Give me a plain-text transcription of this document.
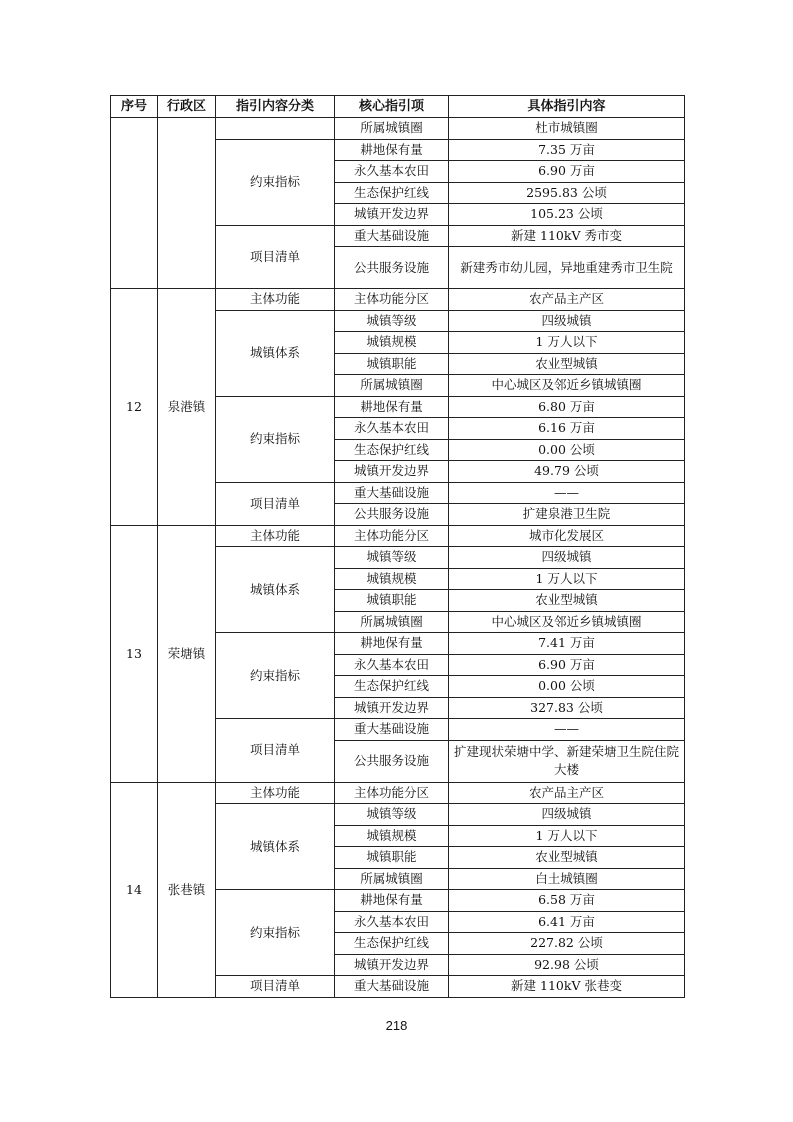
序号	行政区	指引内容分类	核心指引项	具体指引内容
			所属城镇圈	杜市城镇圈
		约束指标	耕地保有量	7.35 万亩
			永久基本农田	6.90 万亩
			生态保护红线	2595.83 公顷
			城镇开发边界	105.23 公顷
		项目清单	重大基础设施	新建 110kV 秀市变
			公共服务设施	新建秀市幼儿园，异地重建秀市卫生院
12	泉港镇	主体功能	主体功能分区	农产品主产区
		城镇体系	城镇等级	四级城镇
			城镇规模	1 万人以下
			城镇职能	农业型城镇
			所属城镇圈	中心城区及邻近乡镇城镇圈
		约束指标	耕地保有量	6.80 万亩
			永久基本农田	6.16 万亩
			生态保护红线	0.00 公顷
			城镇开发边界	49.79 公顷
		项目清单	重大基础设施	——
			公共服务设施	扩建泉港卫生院
13	荣塘镇	主体功能	主体功能分区	城市化发展区
		城镇体系	城镇等级	四级城镇
			城镇规模	1 万人以下
			城镇职能	农业型城镇
			所属城镇圈	中心城区及邻近乡镇城镇圈
		约束指标	耕地保有量	7.41 万亩
			永久基本农田	6.90 万亩
			生态保护红线	0.00 公顷
			城镇开发边界	327.83 公顷
		项目清单	重大基础设施	——
			公共服务设施	扩建现状荣塘中学、新建荣塘卫生院住院大楼
14	张巷镇	主体功能	主体功能分区	农产品主产区
		城镇体系	城镇等级	四级城镇
			城镇规模	1 万人以下
			城镇职能	农业型城镇
			所属城镇圈	白土城镇圈
		约束指标	耕地保有量	6.58 万亩
			永久基本农田	6.41 万亩
			生态保护红线	227.82 公顷
			城镇开发边界	92.98 公顷
		项目清单	重大基础设施	新建 110kV 张巷变
218
